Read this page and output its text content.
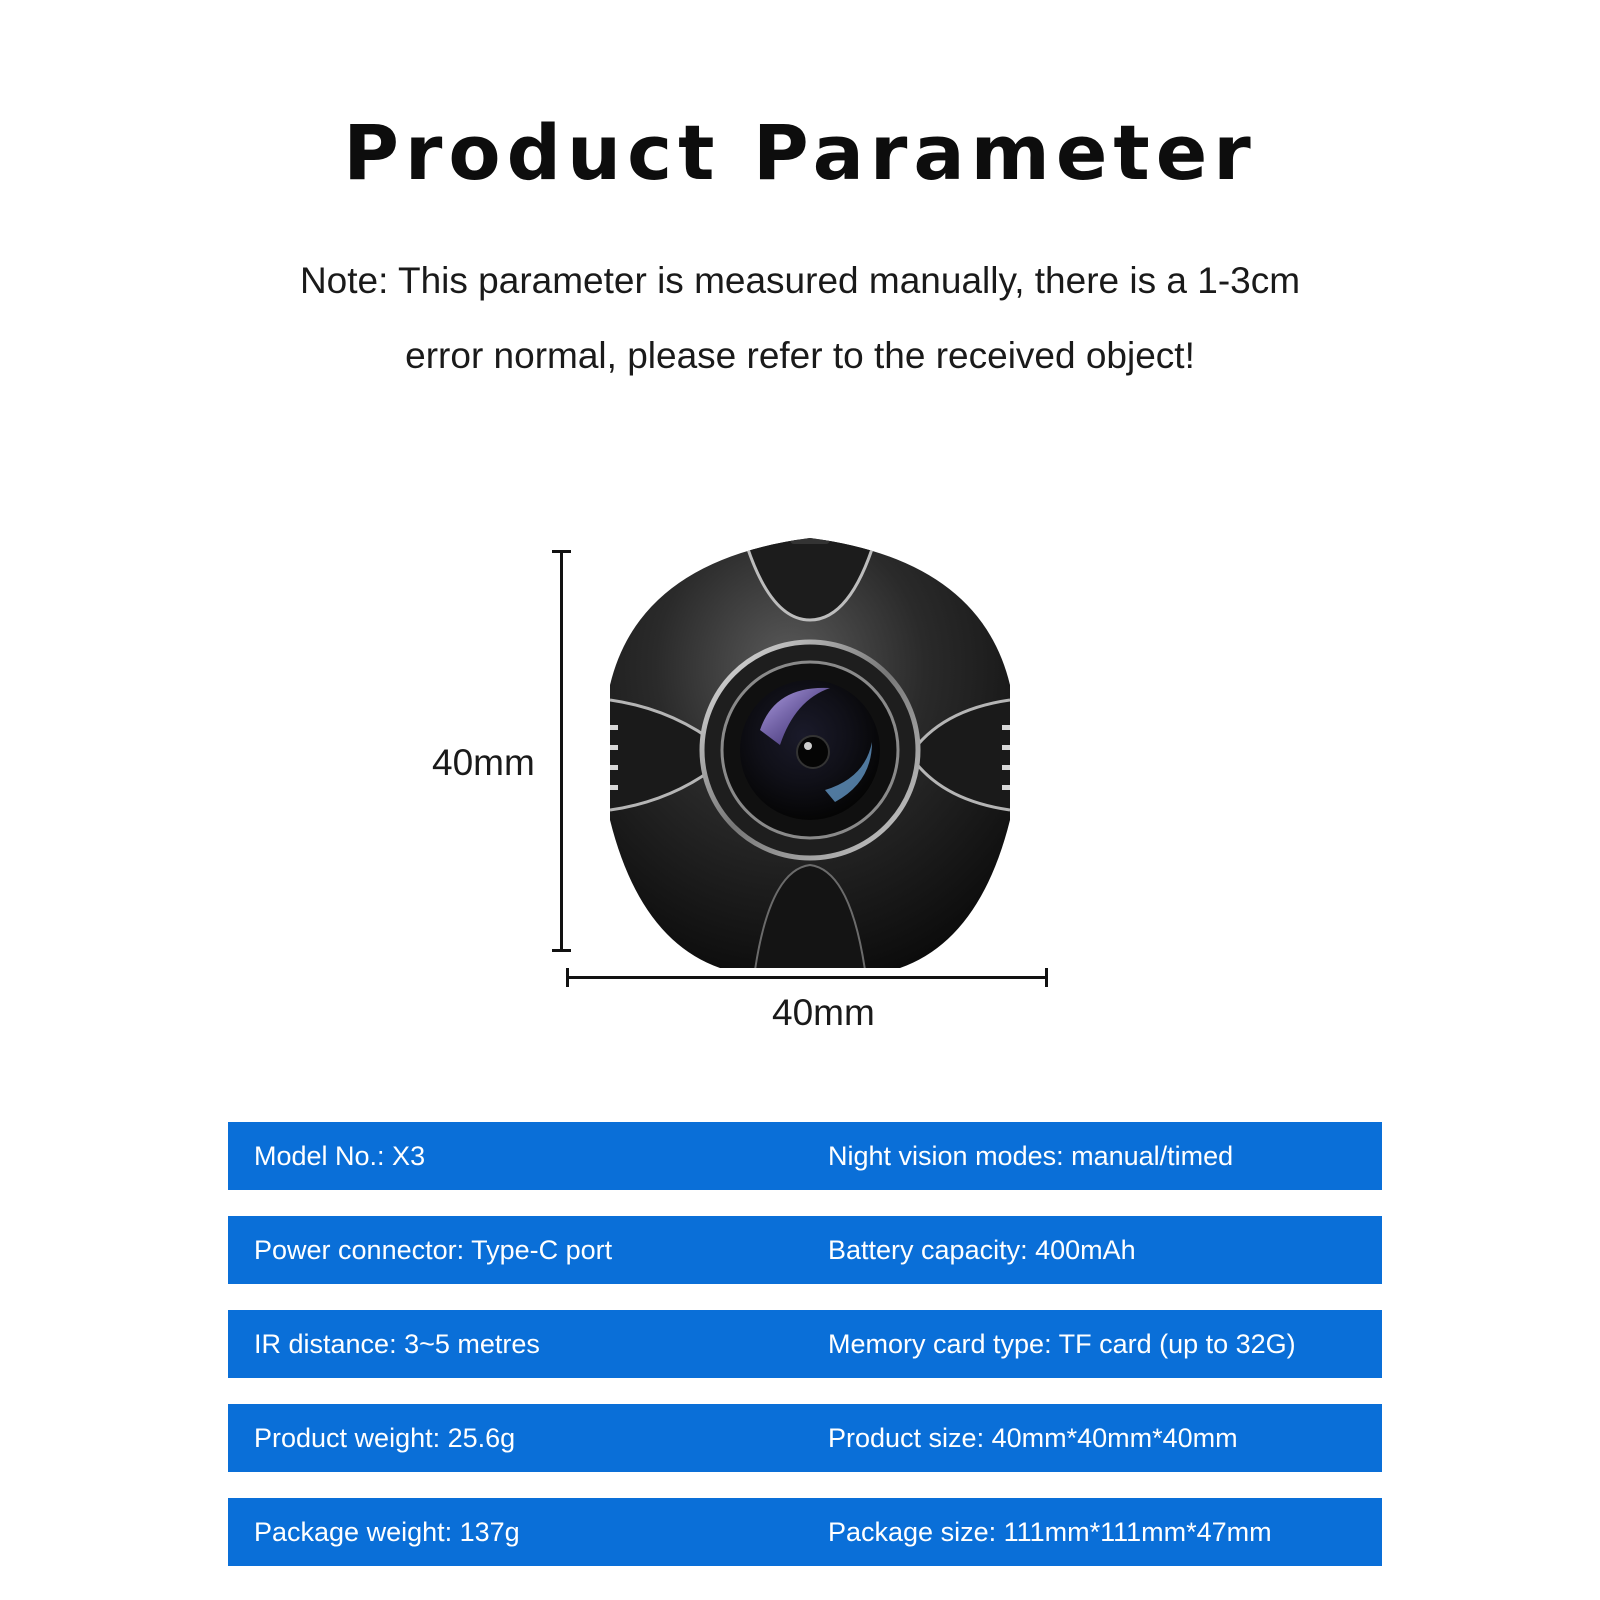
Product Parameter
Note: This parameter is measured manually, there is a 1-3cm
error normal, please refer to the received object!
40mm
40mm
Model No.: X3	Night vision modes: manual/timed
Power connector: Type-C port	Battery capacity: 400mAh
IR distance: 3~5 metres	Memory card type: TF card (up to 32G)
Product weight: 25.6g	Product size: 40mm*40mm*40mm
Package weight: 137g	Package size: 111mm*111mm*47mm
